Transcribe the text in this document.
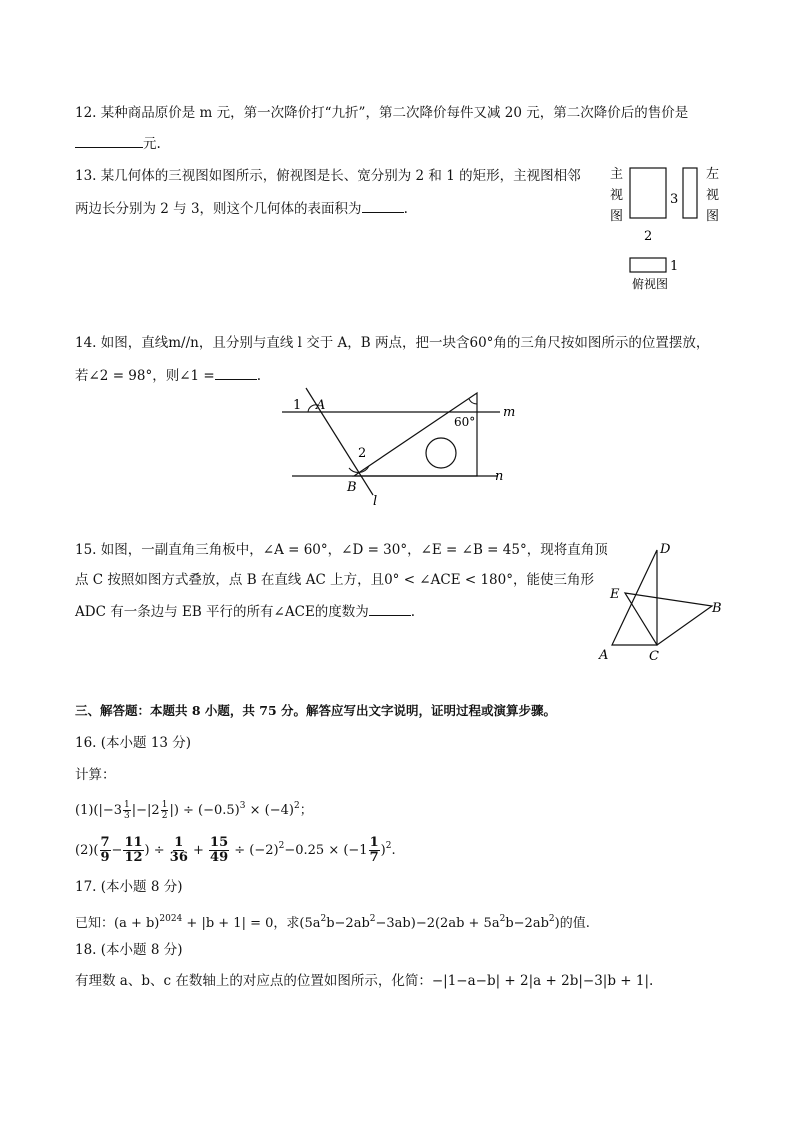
12. 某种商品原价是 m 元，第一次降价打“九折”，第二次降价每件又减 20 元，第二次降价后的售价是
元.
13. 某几何体的三视图如图所示，俯视图是长、宽分别为 2 和 1 的矩形，主视图相邻
两边长分别为 2 与 3，则这个几何体的表面积为	.
主
视
图
3
左
视
图
2
1
俯视图
14. 如图，直线m//n，且分别与直线 l 交于 A，B 两点，把一块含60°角的三角尺按如图所示的位置摆放，
若∠2 = 98°，则∠1 =	.
1 A
60°
m
2
B
n
l
15. 如图，一副直角三角板中，∠A = 60°，∠D = 30°，∠E = ∠B = 45°，现将直角顶
点 C 按照如图方式叠放，点 B 在直线 AC 上方，且0° < ∠ACE < 180°，能使三角形
ADC 有一条边与 EB 平行的所有∠ACE的度数为	.
D
E
B
A	C
三、解答题：本题共 8 小题，共 75 分。解答应写出文字说明，证明过程或演算步骤。
16. (本小题 13 分)
计算：
$(1)(|-3 \frac{1}{3} |-|2 \frac{1}{2}$ |) ÷ $(-0.5)^3 \times (-4)^2$；
$(2)( \frac{7}{9} - \frac{11}{12}$ ) ÷ $\frac{1}{36} + \frac{15}{49} \div (-2)^2-0.25 \times (-1 \frac{1}{7} )^2$.
17. (本小题 8 分)
已知：$(a + b)^{2024} + |b + 1| = 0$，求$(5a^2b-2ab^2-3ab)-2(2ab + 5a^2b-2ab^2)$的值.
18. (本小题 8 分)
有理数 a、b、c 在数轴上的对应点的位置如图所示，化简：−|1−a−b| + 2|a + 2b|−3|b + 1|.
